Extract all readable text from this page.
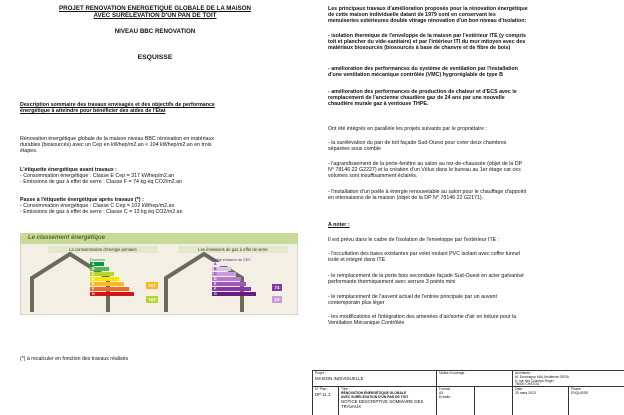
PROJET RENOVATION ENERGETIQUE GLOBALE DE LA MAISON
AVEC SURÉLÉVATION D'UN PAN DE TOIT
NIVEAU BBC RENOVATION
ESQUISSE
Description sommaire des travaux envisagés et des objectifs de performance
énergétique à atteindre pour bénéficier des aides de l'Etat
Rénovation énergétique globale de la maison niveau BBC rénovation en matériaux
durables (biosourcés) avec un Cep en kWhep/m2.an < 104 kWhep/m2.an en trois
étapes.
L'étiquette énergétique avant travaux :
- Consommation énergétique : Classe E Cep = 317 kWhep/m2.an
- Emissions de gaz à effet de serre : Classe F = 74 kg éq CO2/m2.an
Passe à l'étiquette énergétique après travaux (*) :
- Consommation énergétique : Classe C Cep = 102 kWhep/m2.an
- Emissions de gaz à effet de serre : Classe C = 13 kg éq CO2/m2.an
Le classement énergétique
La consommation d'énergie primaire	Les émissions de gaz à effet de serre
Économe	Faible émission de GES
A
B
C
D
E
F
G
A
B
C
D
E
F
G
317
102
74
13
(*) à recalculer en fonction des travaux réalisés
Les principaux travaux d'amélioration proposés pour la rénovation énergétique
de cette maison individuelle datant de 1979 sont en conservant les
menuiseries extérieures double vitrage rénovation d'un bon niveau d'isolation:
- isolation thermique de l'enveloppe de la maison par l'extérieur ITE (y compris
toit et plancher du vide-sanitaire) et par l'intérieur ITI du mur mitoyen avec des
matériaux biosourcés (biosourcés à base de chanvre et de fibre de bois)
- amélioration des performances du système de ventilation par l'installation
d'une ventilation mécanique contrôlée (VMC) hygroréglable de type B
- amélioration des performances de production de chaleur et d'ECS avec le
remplacement de l'ancienne chaudière gaz de 24 ans par une nouvelle
chaudière murale gaz à ventouse THPE.
Ont été intégrés en parallèle les projets suivants par le propriétaire :
- la surélévation du pan de toit façade Sud-Ouest pour créer deux chambres
séparées sous comble
- l'agrandissement de la porte-fenêtre au salon au rez-de-chaussée (objet de la DP
N° 78146 22 G2227) et la création d'un Vélux dans le bureau au 1er étage car ces
volumes sont insuffisamment éclairés.
- l'installation d'un poêle à énergie renouvelable au salon pour le chauffage d'appoint
en intersaisons de la maison (objet de la DP N° 78146 22 G2171).
A noter :
Il est prévu dans le cadre de l'isolation de l'enveloppe par l'extérieur ITE :
- l'occultation des baies existantes par volet roulant PVC isolant avec coffre tunnel
isolé et intégré dans ITE
- le remplacement de la porte bois secondaire façade Sud-Ouest en acier galvanisé
performante thermiquement avec serrure 3 points mini
- le remplacement de l'auvent actuel de l'entrée principale par un auvent
contemporain plus léger
- les modifications et l'intégration des amenées d'air/sortie d'air en toiture pour la
Ventilation Mécanique Contrôlée
Projet :
MAISON INDIVIDUELLE
Maître d'ouvrage :	Architecte :
M. Dominique MAI Architecte DESA
5, rue des Champs Roger
78400 CHATOU
N° Plan :
DP 11.1
Titre :
RÉNOVATION ÉNERGÉTIQUE GLOBALE
AVEC SURÉLÉVATION D'UN PAN DE TOIT
NOTICE DESCRIPTIVE SOMMAIRE DES TRAVAUX
Format :
A3
Echelle :
Date :
25 mars 2023
Phase :
ESQUISSE
